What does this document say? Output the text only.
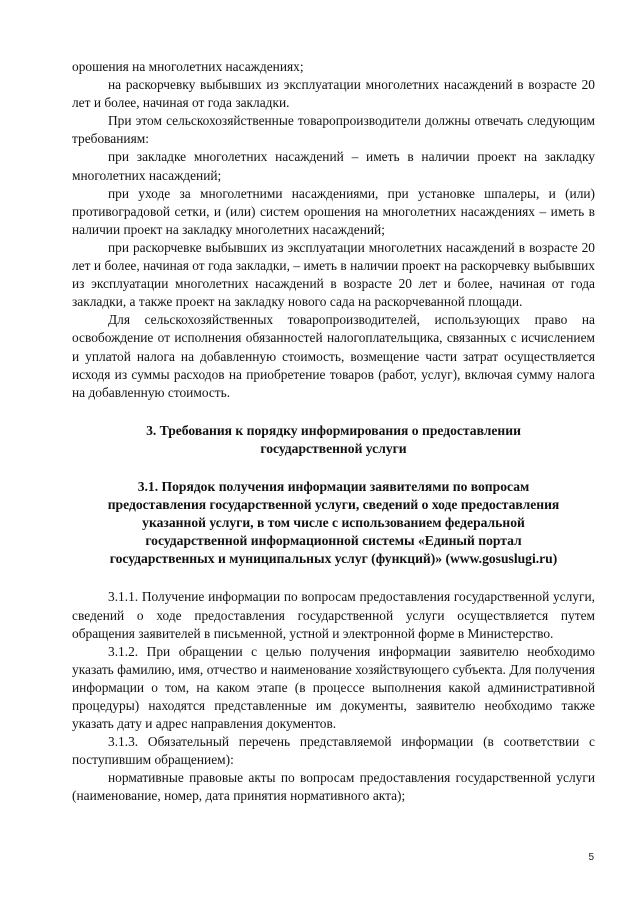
орошения на многолетних насаждениях;

на раскорчевку выбывших из эксплуатации многолетних насаждений в возрасте 20 лет и более, начиная от года закладки.

При этом сельскохозяйственные товаропроизводители должны отвечать следующим требованиям:

при закладке многолетних насаждений – иметь в наличии проект на закладку многолетних насаждений;

при уходе за многолетними насаждениями, при установке шпалеры, и (или) противоградовой сетки, и (или) систем орошения на многолетних насаждениях – иметь в наличии проект на закладку многолетних насаждений;

при раскорчевке выбывших из эксплуатации многолетних насаждений в возрасте 20 лет и более, начиная от года закладки, – иметь в наличии проект на раскорчевку выбывших из эксплуатации многолетних насаждений в возрасте 20 лет и более, начиная от года закладки, а также проект на закладку нового сада на раскорчеванной площади.

Для сельскохозяйственных товаропроизводителей, использующих право на освобождение от исполнения обязанностей налогоплательщика, связанных с исчислением и уплатой налога на добавленную стоимость, возмещение части затрат осуществляется исходя из суммы расходов на приобретение товаров (работ, услуг), включая сумму налога на добавленную стоимость.

3. Требования к порядку информирования о предоставлении

государственной услуги

3.1. Порядок получения информации заявителями по вопросам

предоставления государственной услуги, сведений о ходе предоставления

указанной услуги, в том числе с использованием федеральной

государственной информационной системы «Единый портал

государственных и муниципальных услуг (функций)» (www.gosuslugi.ru)

3.1.1. Получение информации по вопросам предоставления государственной услуги, сведений о ходе предоставления государственной услуги осуществляется путем обращения заявителей в письменной, устной и электронной форме в Министерство.

3.1.2. При обращении с целью получения информации заявителю необходимо указать фамилию, имя, отчество и наименование хозяйствующего субъекта. Для получения информации о том, на каком этапе (в процессе выполнения какой административной процедуры) находятся представленные им документы, заявителю необходимо также указать дату и адрес направления документов.

3.1.3. Обязательный перечень представляемой информации (в соответствии с поступившим обращением):

нормативные правовые акты по вопросам предоставления государственной услуги (наименование, номер, дата принятия нормативного акта);

5
